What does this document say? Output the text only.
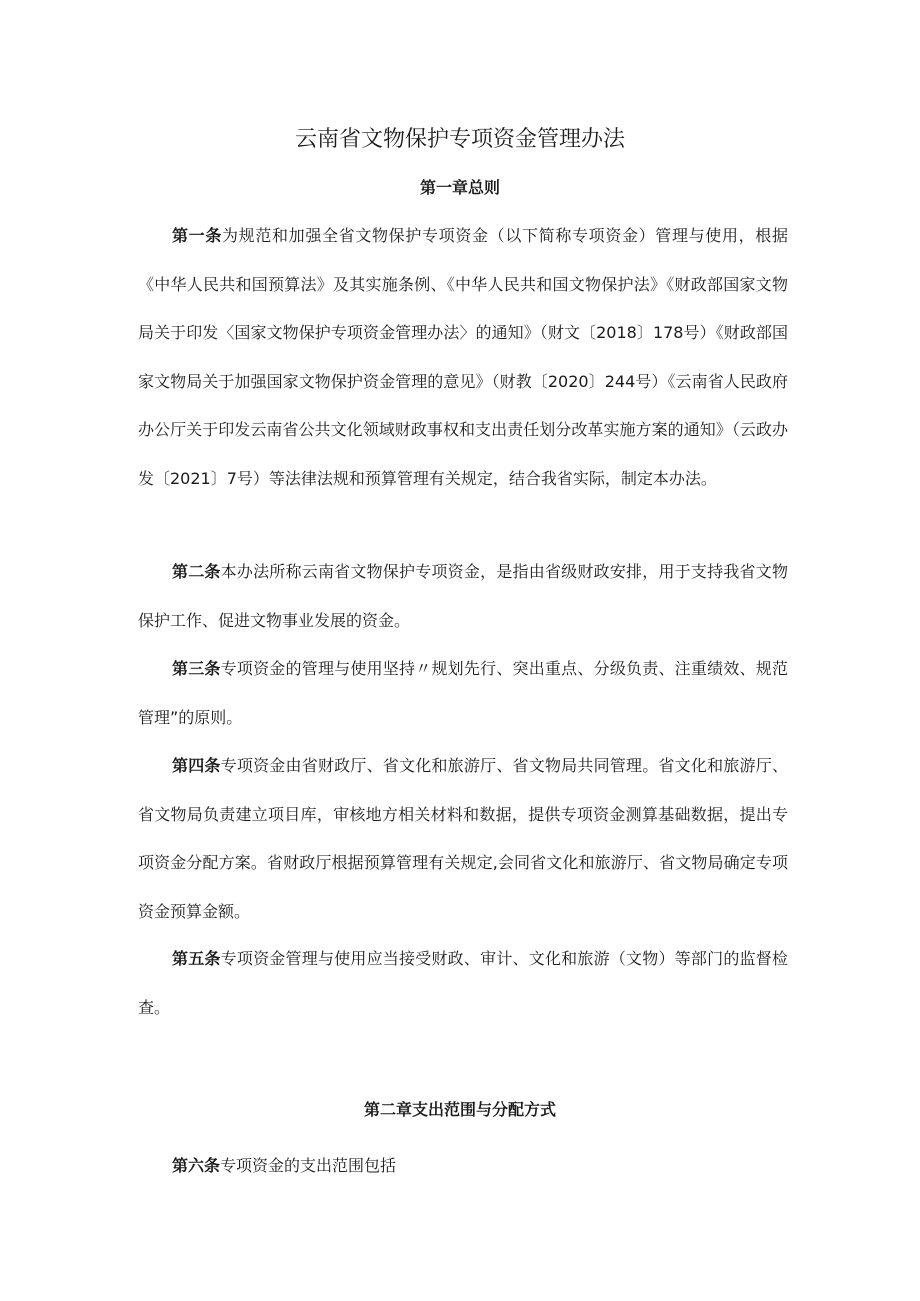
云南省文物保护专项资金管理办法
第一章总则

第一条为规范和加强全省文物保护专项资金（以下简称专项资金）管理与使用，根据《中华人民共和国预算法》及其实施条例、《中华人民共和国文物保护法》《财政部国家文物局关于印发〈国家文物保护专项资金管理办法〉的通知》（财文〔2018〕178号）《财政部国家文物局关于加强国家文物保护资金管理的意见》（财教〔2020〕244号）《云南省人民政府办公厅关于印发云南省公共文化领域财政事权和支出责任划分改革实施方案的通知》（云政办发〔2021〕7号）等法律法规和预算管理有关规定，结合我省实际，制定本办法。

第二条本办法所称云南省文物保护专项资金，是指由省级财政安排，用于支持我省文物保护工作、促进文物事业发展的资金。

第三条专项资金的管理与使用坚持〃规划先行、突出重点、分级负责、注重绩效、规范管理”的原则。

第四条专项资金由省财政厅、省文化和旅游厅、省文物局共同管理。省文化和旅游厅、省文物局负责建立项目库，审核地方相关材料和数据，提供专项资金测算基础数据，提出专项资金分配方案。省财政厅根据预算管理有关规定,会同省文化和旅游厅、省文物局确定专项资金预算金额。

第五条专项资金管理与使用应当接受财政、审计、文化和旅游（文物）等部门的监督检查。

第二章支出范围与分配方式

第六条专项资金的支出范围包括
